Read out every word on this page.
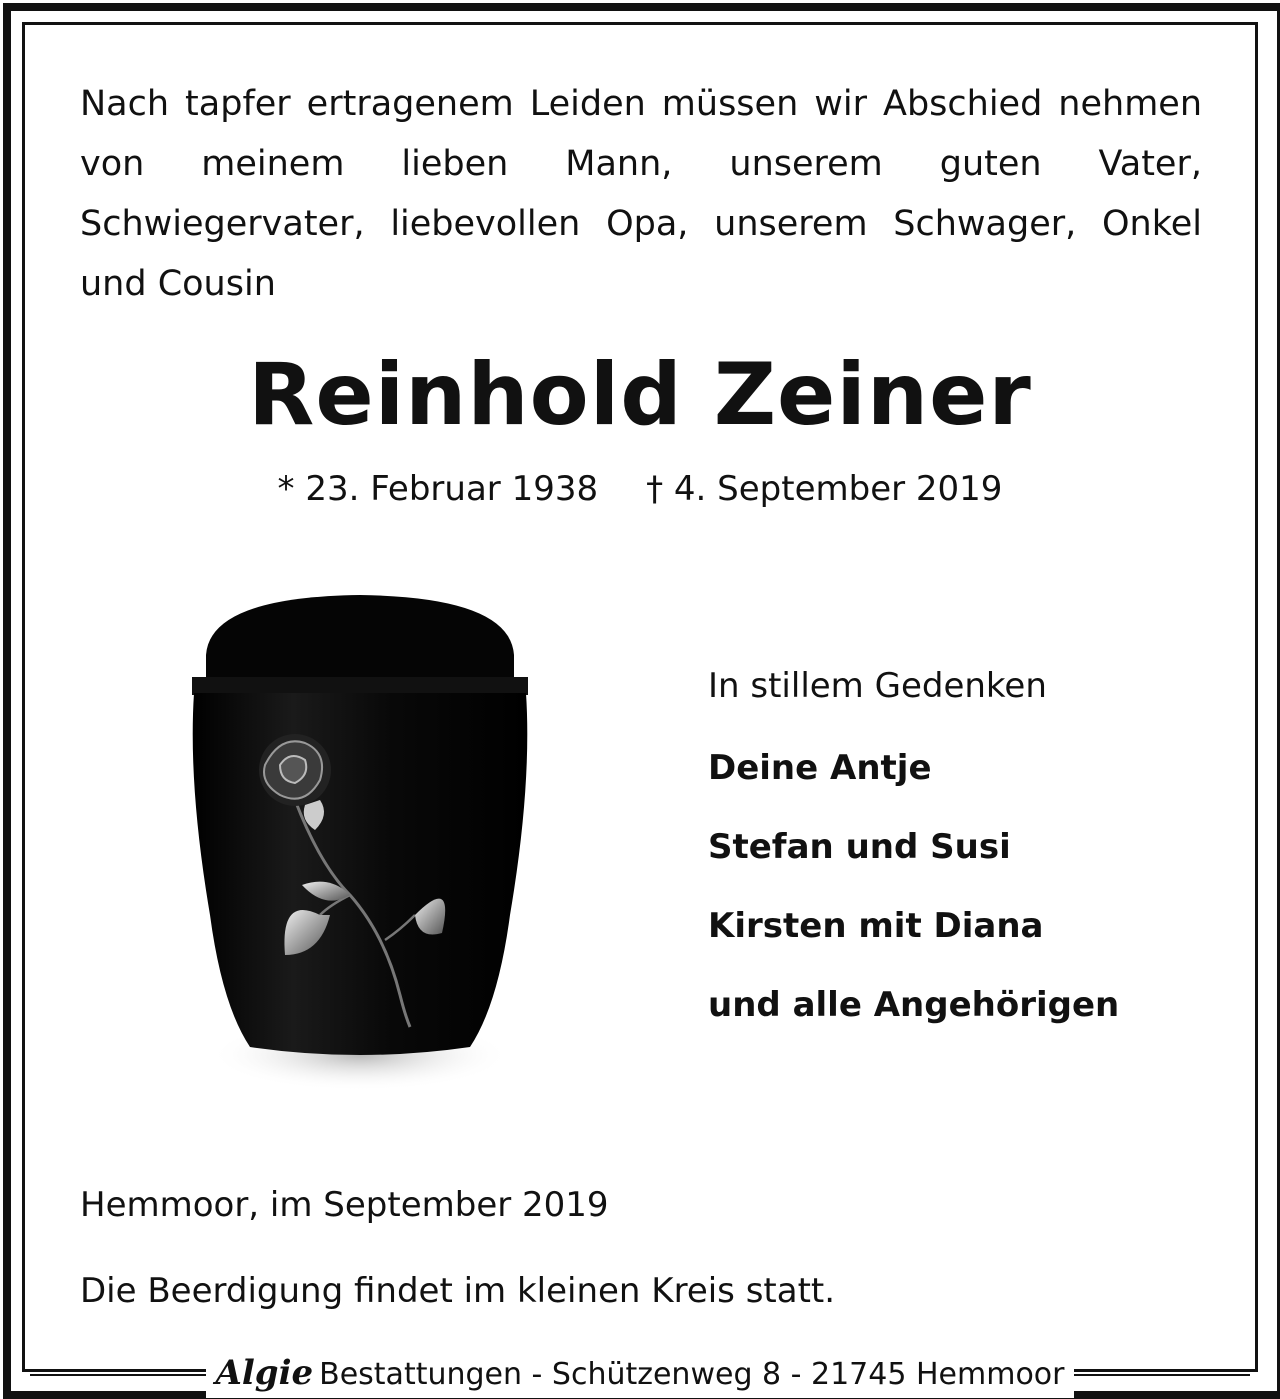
Nach tapfer ertragenem Leiden müssen wir Abschied nehmen von meinem lieben Mann, unserem guten Vater, Schwiegervater, liebevollen Opa, unserem Schwager, Onkel und Cousin

Reinhold Zeiner
* 23. Februar 1938 † 4. September 2019
In stillem Gedenken
Deine Antje
Stefan und Susi
Kirsten mit Diana
und alle Angehörigen
Hemmoor, im September 2019
Die Beerdigung findet im kleinen Kreis statt.
Algie Bestattungen - Schützenweg 8 - 21745 Hemmoor
